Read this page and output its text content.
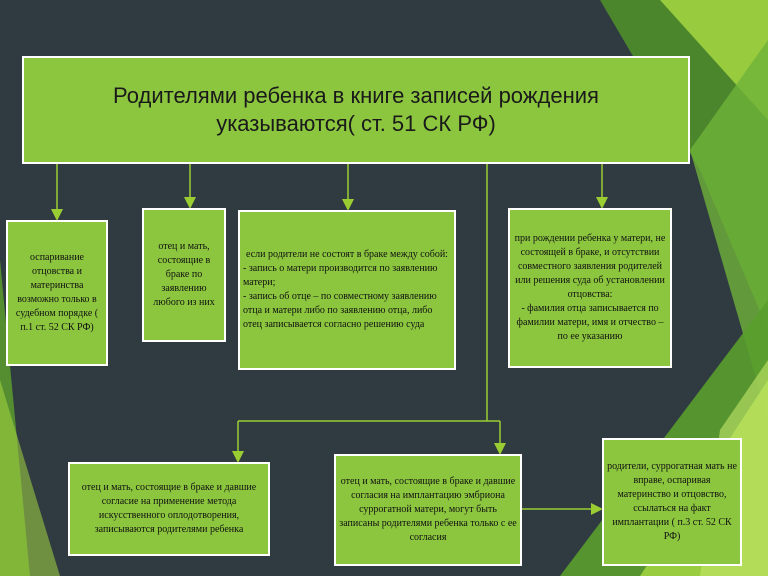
Родителями ребенка в книге записей рождения
указываются( ст. 51 СК РФ)
оспаривание отцовства и материнства возможно только в судебном порядке ( п.1 ст. 52 СК РФ)
отец и мать, состоящие в браке по заявлению любого из них
если родители не состоят в браке между собой:
- запись о матери производится по заявлению матери;
- запись об отце – по совместному заявлению отца и матери либо по заявлению отца, либо отец записывается согласно решению суда
при рождении ребенка у матери, не состоящей в браке, и отсутствии совместного заявления родителей или решения суда об установлении отцовства:
- фамилия отца записывается по фамилии матери, имя и отчество – по ее указанию
отец и мать, состоящие в браке и давшие согласие на применение метода искусственного оплодотворения, записываются родителями ребенка
отец и мать, состоящие в браке и давшие согласия на имплантацию эмбриона суррогатной матери, могут быть записаны родителями ребенка только с ее согласия
родители, суррогатная мать не вправе, оспаривая материнство и отцовство, ссылаться на факт имплантации ( п.3 ст. 52 СК РФ)
